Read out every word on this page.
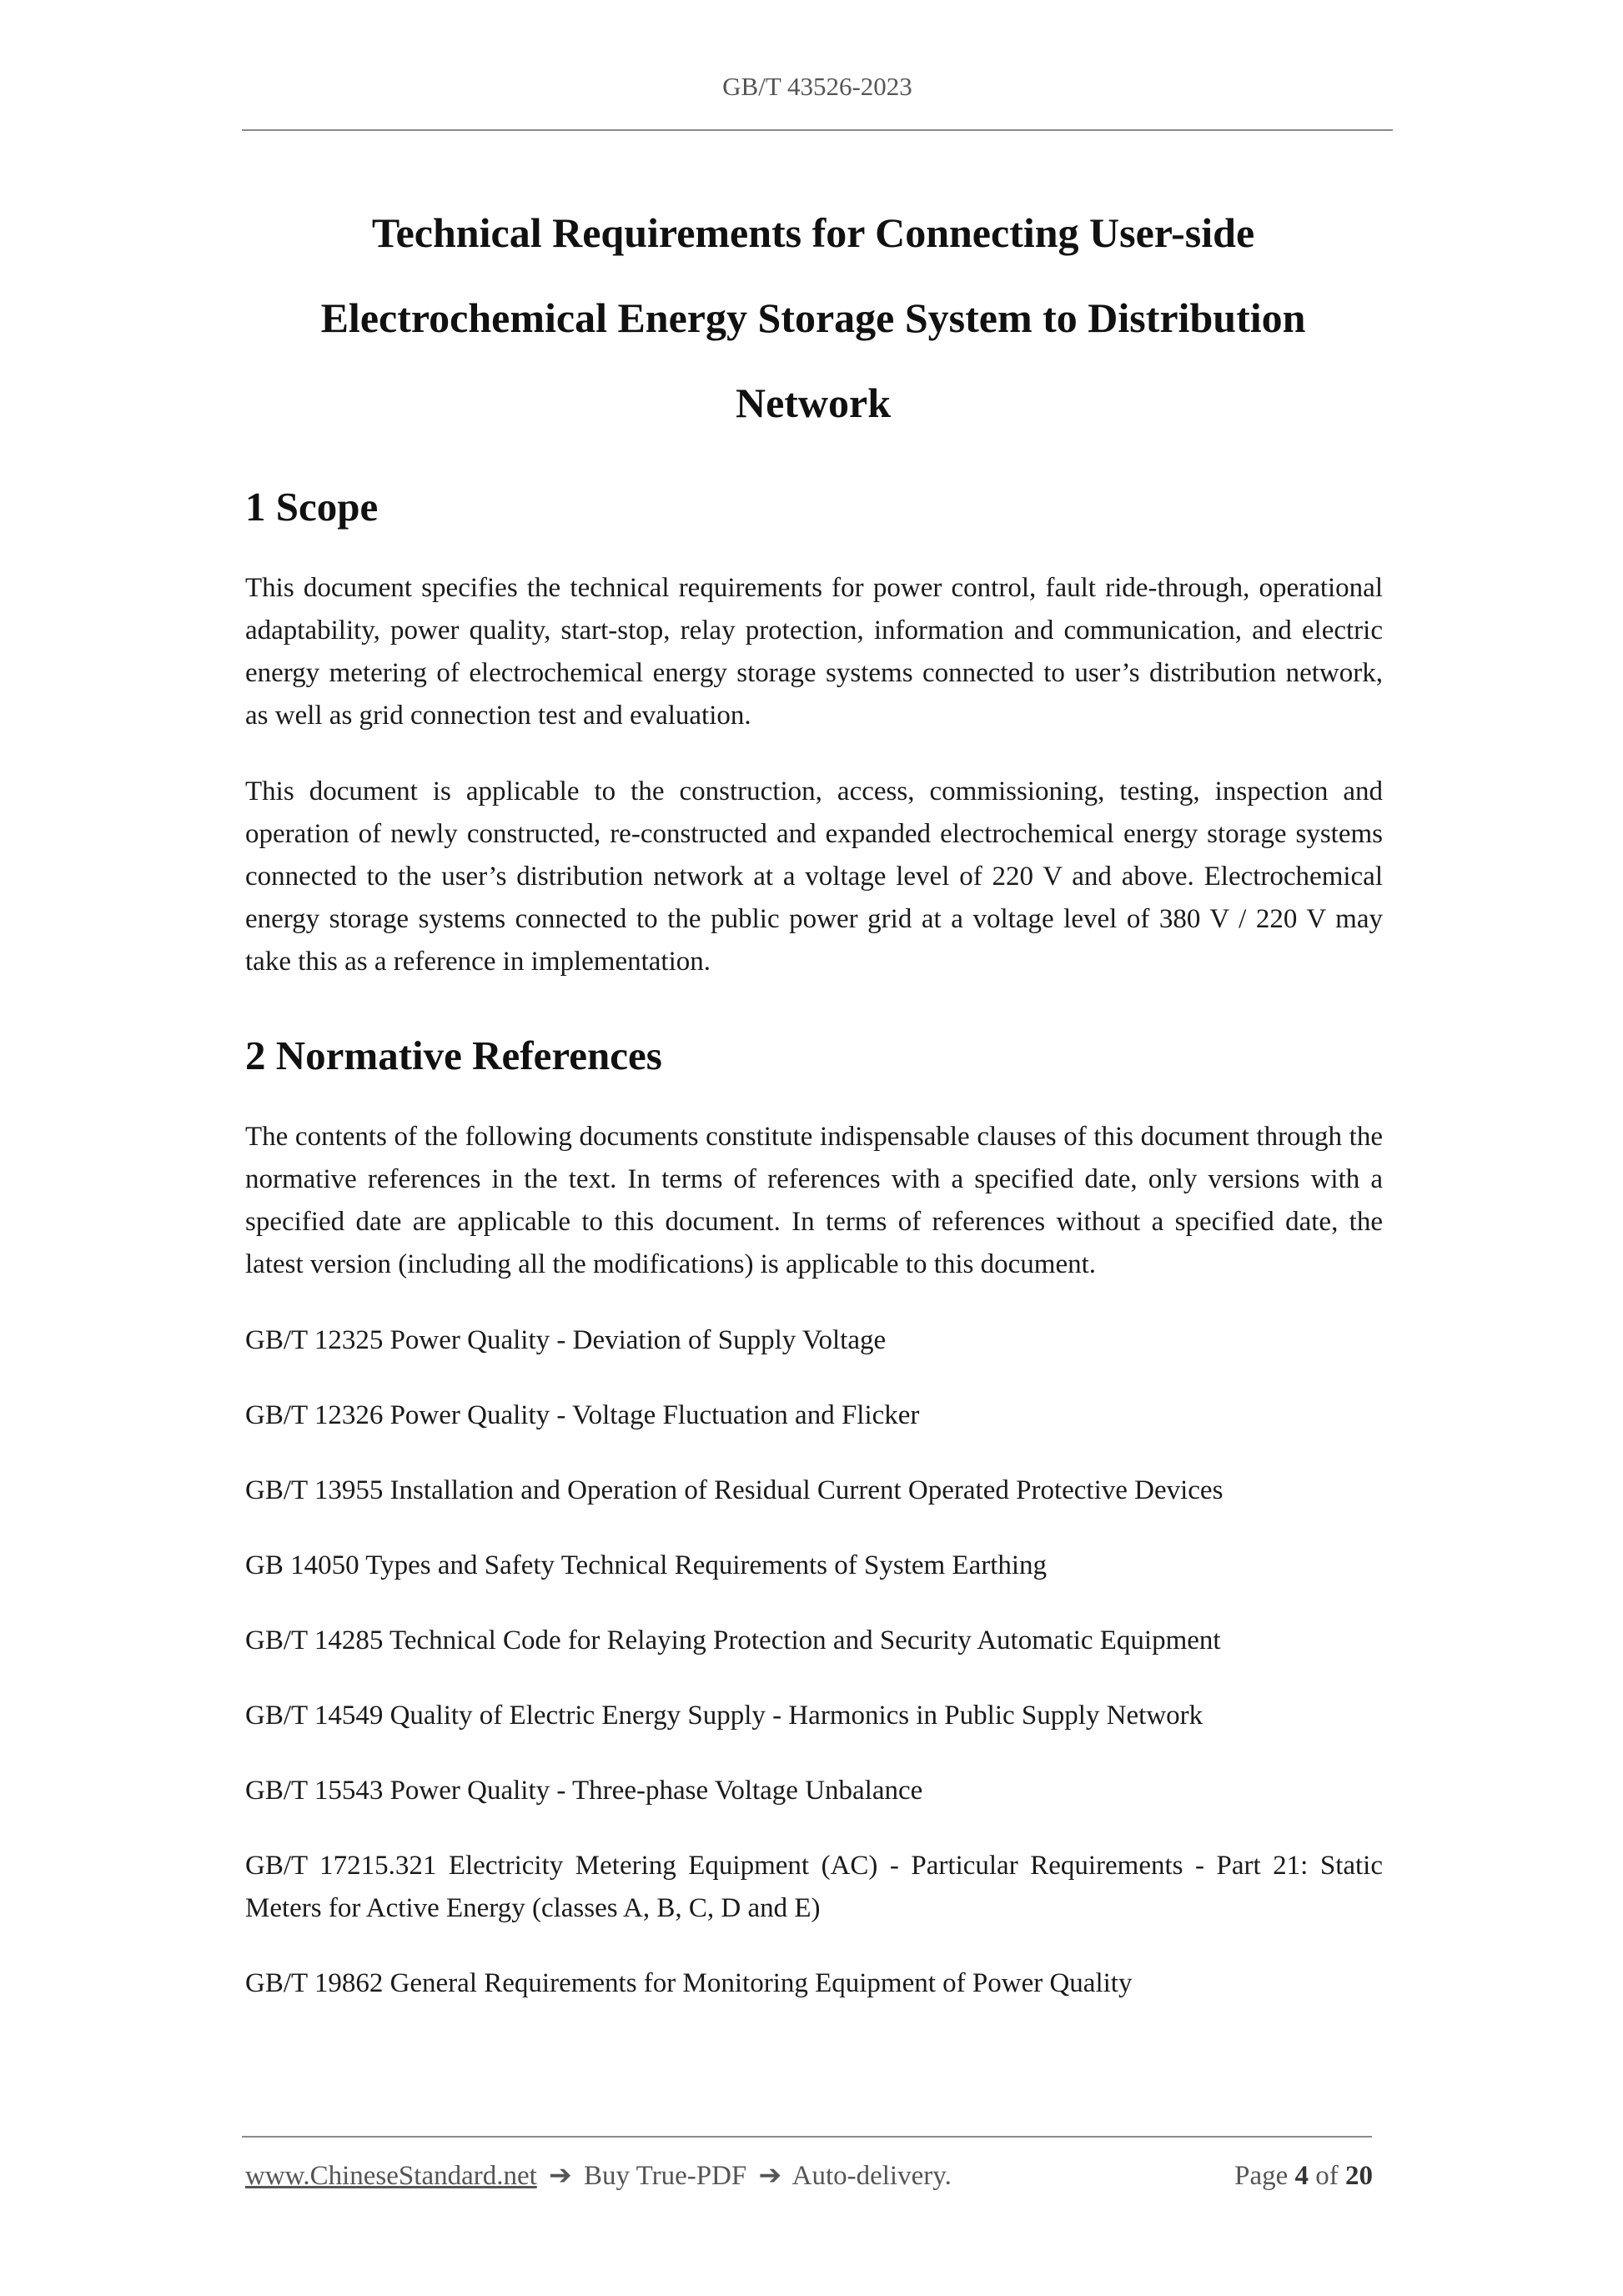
GB/T 43526-2023
Technical Requirements for Connecting User-side
Electrochemical Energy Storage System to Distribution
Network
1 Scope

This document specifies the technical requirements for power control, fault ride-through, operational adaptability, power quality, start-stop, relay protection, information and communication, and electric energy metering of electrochemical energy storage systems connected to user’s distribution network, as well as grid connection test and evaluation.

This document is applicable to the construction, access, commissioning, testing, inspection and operation of newly constructed, re-constructed and expanded electrochemical energy storage systems connected to the user’s distribution network at a voltage level of 220 V and above. Electrochemical energy storage systems connected to the public power grid at a voltage level of 380 V / 220 V may take this as a reference in implementation.

2 Normative References

The contents of the following documents constitute indispensable clauses of this document through the normative references in the text. In terms of references with a specified date, only versions with a specified date are applicable to this document. In terms of references without a specified date, the latest version (including all the modifications) is applicable to this document.

GB/T 12325 Power Quality - Deviation of Supply Voltage

GB/T 12326 Power Quality - Voltage Fluctuation and Flicker

GB/T 13955 Installation and Operation of Residual Current Operated Protective Devices

GB 14050 Types and Safety Technical Requirements of System Earthing

GB/T 14285 Technical Code for Relaying Protection and Security Automatic Equipment

GB/T 14549 Quality of Electric Energy Supply - Harmonics in Public Supply Network

GB/T 15543 Power Quality - Three-phase Voltage Unbalance

GB/T 17215.321 Electricity Metering Equipment (AC) - Particular Requirements - Part 21: Static Meters for Active Energy (classes A, B, C, D and E)

GB/T 19862 General Requirements for Monitoring Equipment of Power Quality

www.ChineseStandard.net ➔ Buy True-PDF ➔ Auto-delivery.	Page 4 of 20
